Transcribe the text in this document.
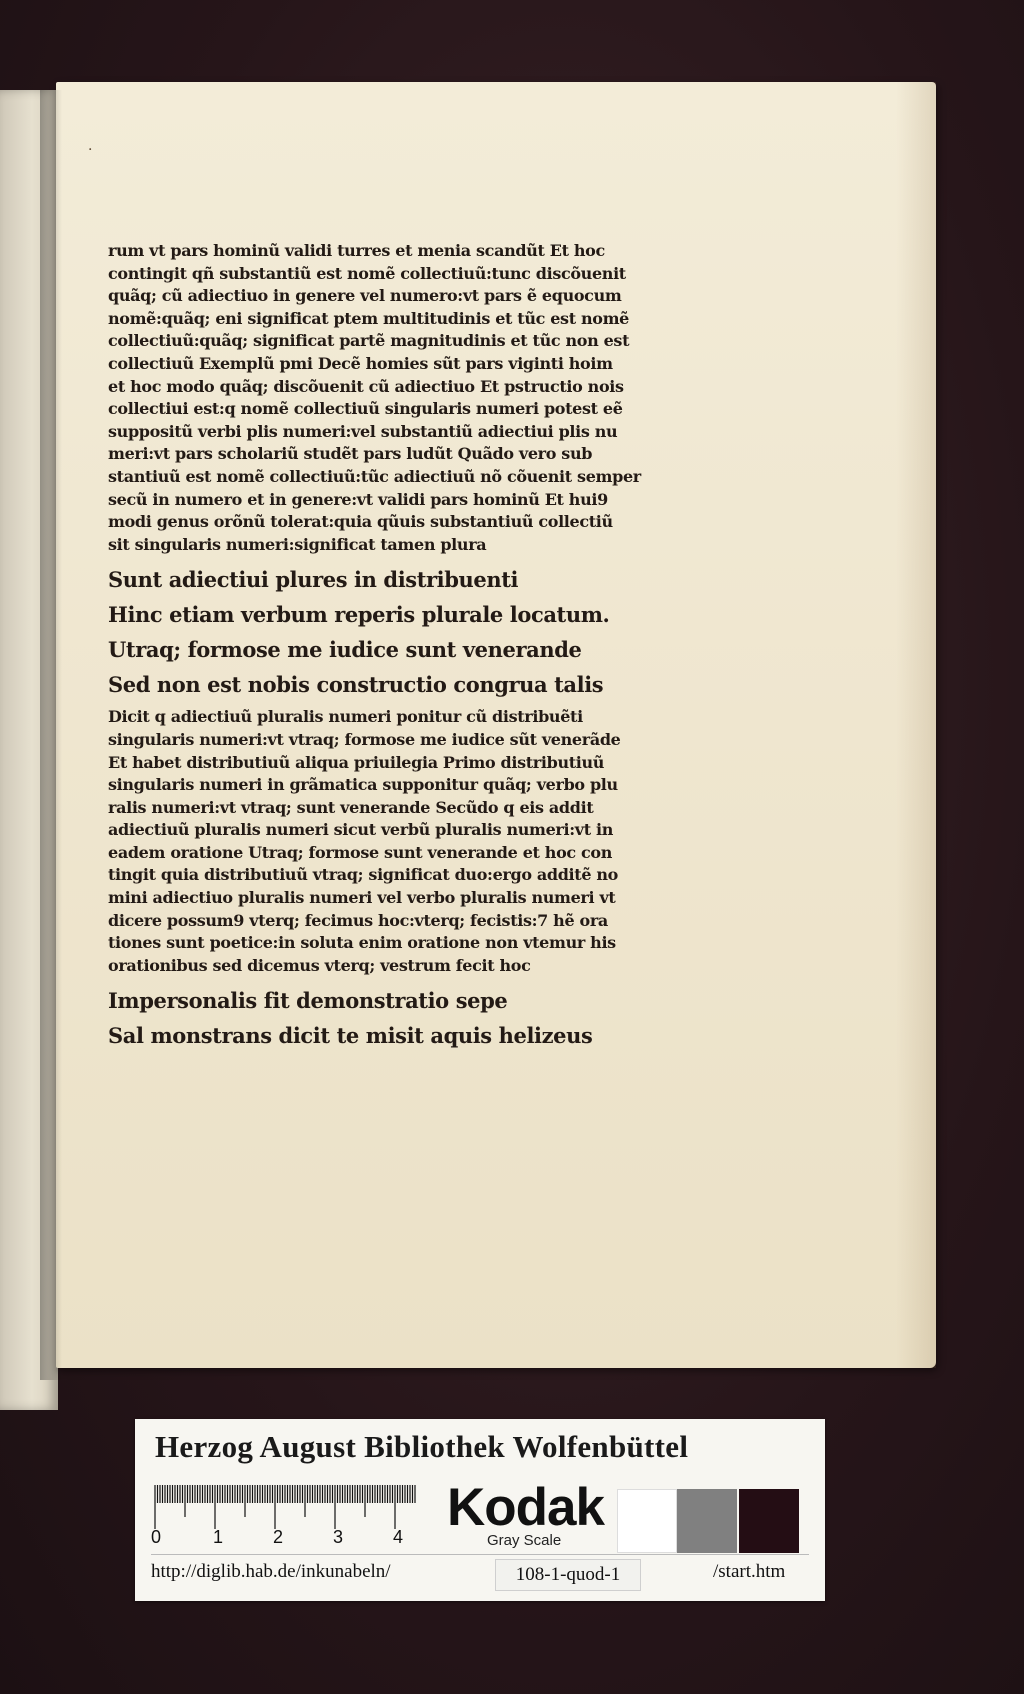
·
rum vt pars hominũ validi turres et menia scandũt Et hoc
contingit qñ substantiũ est nomẽ collectiuũ:tunc discõuenit
quãq; cũ adiectiuo in genere vel numero:vt pars ẽ equocum
nomẽ:quãq; eni significat ptem multitudinis et tũc est nomẽ
collectiuũ:quãq; significat partẽ magnitudinis et tũc non est
collectiuũ Exemplũ pmi Decẽ homies sũt pars viginti hoim
et hoc modo quãq; discõuenit cũ adiectiuo Et pstructio nois
collectiui est:q nomẽ collectiuũ singularis numeri potest eẽ
suppositũ verbi plis numeri:vel substantiũ adiectiui plis nu
meri:vt pars scholariũ studẽt pars ludũt Quãdo vero sub
stantiuũ est nomẽ collectiuũ:tũc adiectiuũ nõ cõuenit semper
secũ in numero et in genere:vt validi pars hominũ Et hui9
modi genus orõnũ tolerat:quia qũuis substantiuũ collectiũ
sit singularis numeri:significat tamen plura
Sunt adiectiui plures in distribuenti
Hinc etiam verbum reperis plurale locatum.
Utraq; formose me iudice sunt venerande
Sed non est nobis constructio congrua talis
Dicit q adiectiuũ pluralis numeri ponitur cũ distribuẽti
singularis numeri:vt vtraq; formose me iudice sũt venerãde
Et habet distributiuũ aliqua priuilegia Primo distributiuũ
singularis numeri in grãmatica supponitur quãq; verbo plu
ralis numeri:vt vtraq; sunt venerande Secũdo q eis addit
adiectiuũ pluralis numeri sicut verbũ pluralis numeri:vt in
eadem oratione Utraq; formose sunt venerande et hoc con
tingit quia distributiuũ vtraq; significat duo:ergo additẽ no
mini adiectiuo pluralis numeri vel verbo pluralis numeri vt
dicere possum9 vterq; fecimus hoc:vterq; fecistis:7 hẽ ora
tiones sunt poetice:in soluta enim oratione non vtemur his
orationibus sed dicemus vterq; vestrum fecit hoc
Impersonalis fit demonstratio sepe
Sal monstrans dicit te misit aquis helizeus
Herzog August Bibliothek Wolfenbüttel
0	1	2	3	4 Kodak
Gray Scale
http://diglib.hab.de/inkunabeln/	108-1-quod-1	/start.htm
